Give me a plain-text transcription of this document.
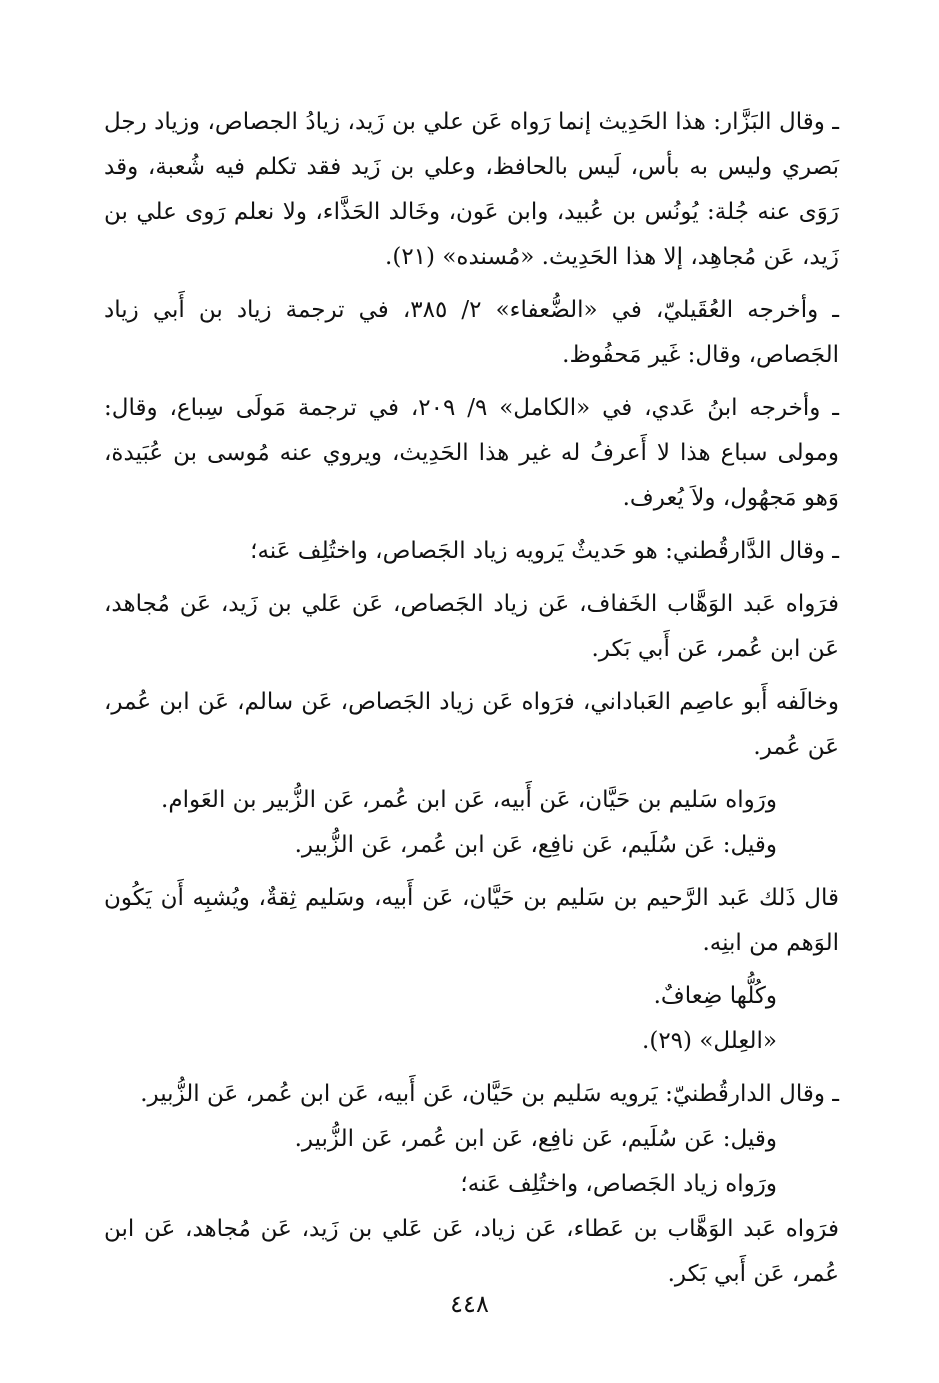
ـ وقال البَزَّار: هذا الحَدِيث إنما رَواه عَن علي بن زَيد، زيادُ الجصاص، وزياد رجل بَصري وليس به بأس، لَيس بالحافظ، وعلي بن زَيد فقد تكلم فيه شُعبة، وقد رَوَى عنه جُلة: يُونُس بن عُبيد، وابن عَون، وخَالد الحَذَّاء، ولا نعلم رَوى علي بن زَيد، عَن مُجاهِد، إلا هذا الحَدِيث. «مُسنده» (٢١).

ـ وأخرجه العُقَيليّ، في «الضُّعفاء» ٢/ ٣٨٥، في ترجمة زياد بن أَبي زياد الجَصاص، وقال: غَير مَحفُوظ.

ـ وأخرجه ابنُ عَدي، في «الكامل» ٩/ ٢٠٩، في ترجمة مَولَى سِباع، وقال: ومولى سباع هذا لا أَعرفُ له غير هذا الحَدِيث، ويروي عنه مُوسى بن عُبَيدة، وَهو مَجهُول، ولاَ يُعرف.

ـ وقال الدَّارقُطني: هو حَديثٌ يَرويه زياد الجَصاص، واختُلِف عَنه؛

فرَواه عَبد الوَهَّاب الخَفاف، عَن زياد الجَصاص، عَن عَلي بن زَيد، عَن مُجاهد، عَن ابن عُمر، عَن أَبي بَكر.

وخالَفه أَبو عاصِم العَباداني، فرَواه عَن زياد الجَصاص، عَن سالم، عَن ابن عُمر، عَن عُمر.

ورَواه سَليم بن حَيَّان، عَن أَبيه، عَن ابن عُمر، عَن الزُّبير بن العَوام.

وقيل: عَن سُلَيم، عَن نافِع، عَن ابن عُمر، عَن الزُّبير.

قال ذَلك عَبد الرَّحيم بن سَليم بن حَيَّان، عَن أَبيه، وسَليم ثِقةٌ، ويُشبِه أَن يَكُون الوَهم من ابنِه.

وكُلُّها ضِعافٌ.

«العِلل» (٢٩).

ـ وقال الدارقُطنيّ: يَرويه سَليم بن حَيَّان، عَن أَبيه، عَن ابن عُمر، عَن الزُّبير.

وقيل: عَن سُلَيم، عَن نافِع، عَن ابن عُمر، عَن الزُّبير.

ورَواه زياد الجَصاص، واختُلِف عَنه؛

فرَواه عَبد الوَهَّاب بن عَطاء، عَن زياد، عَن عَلي بن زَيد، عَن مُجاهد، عَن ابن عُمر، عَن أَبي بَكر.

٤٤٨
